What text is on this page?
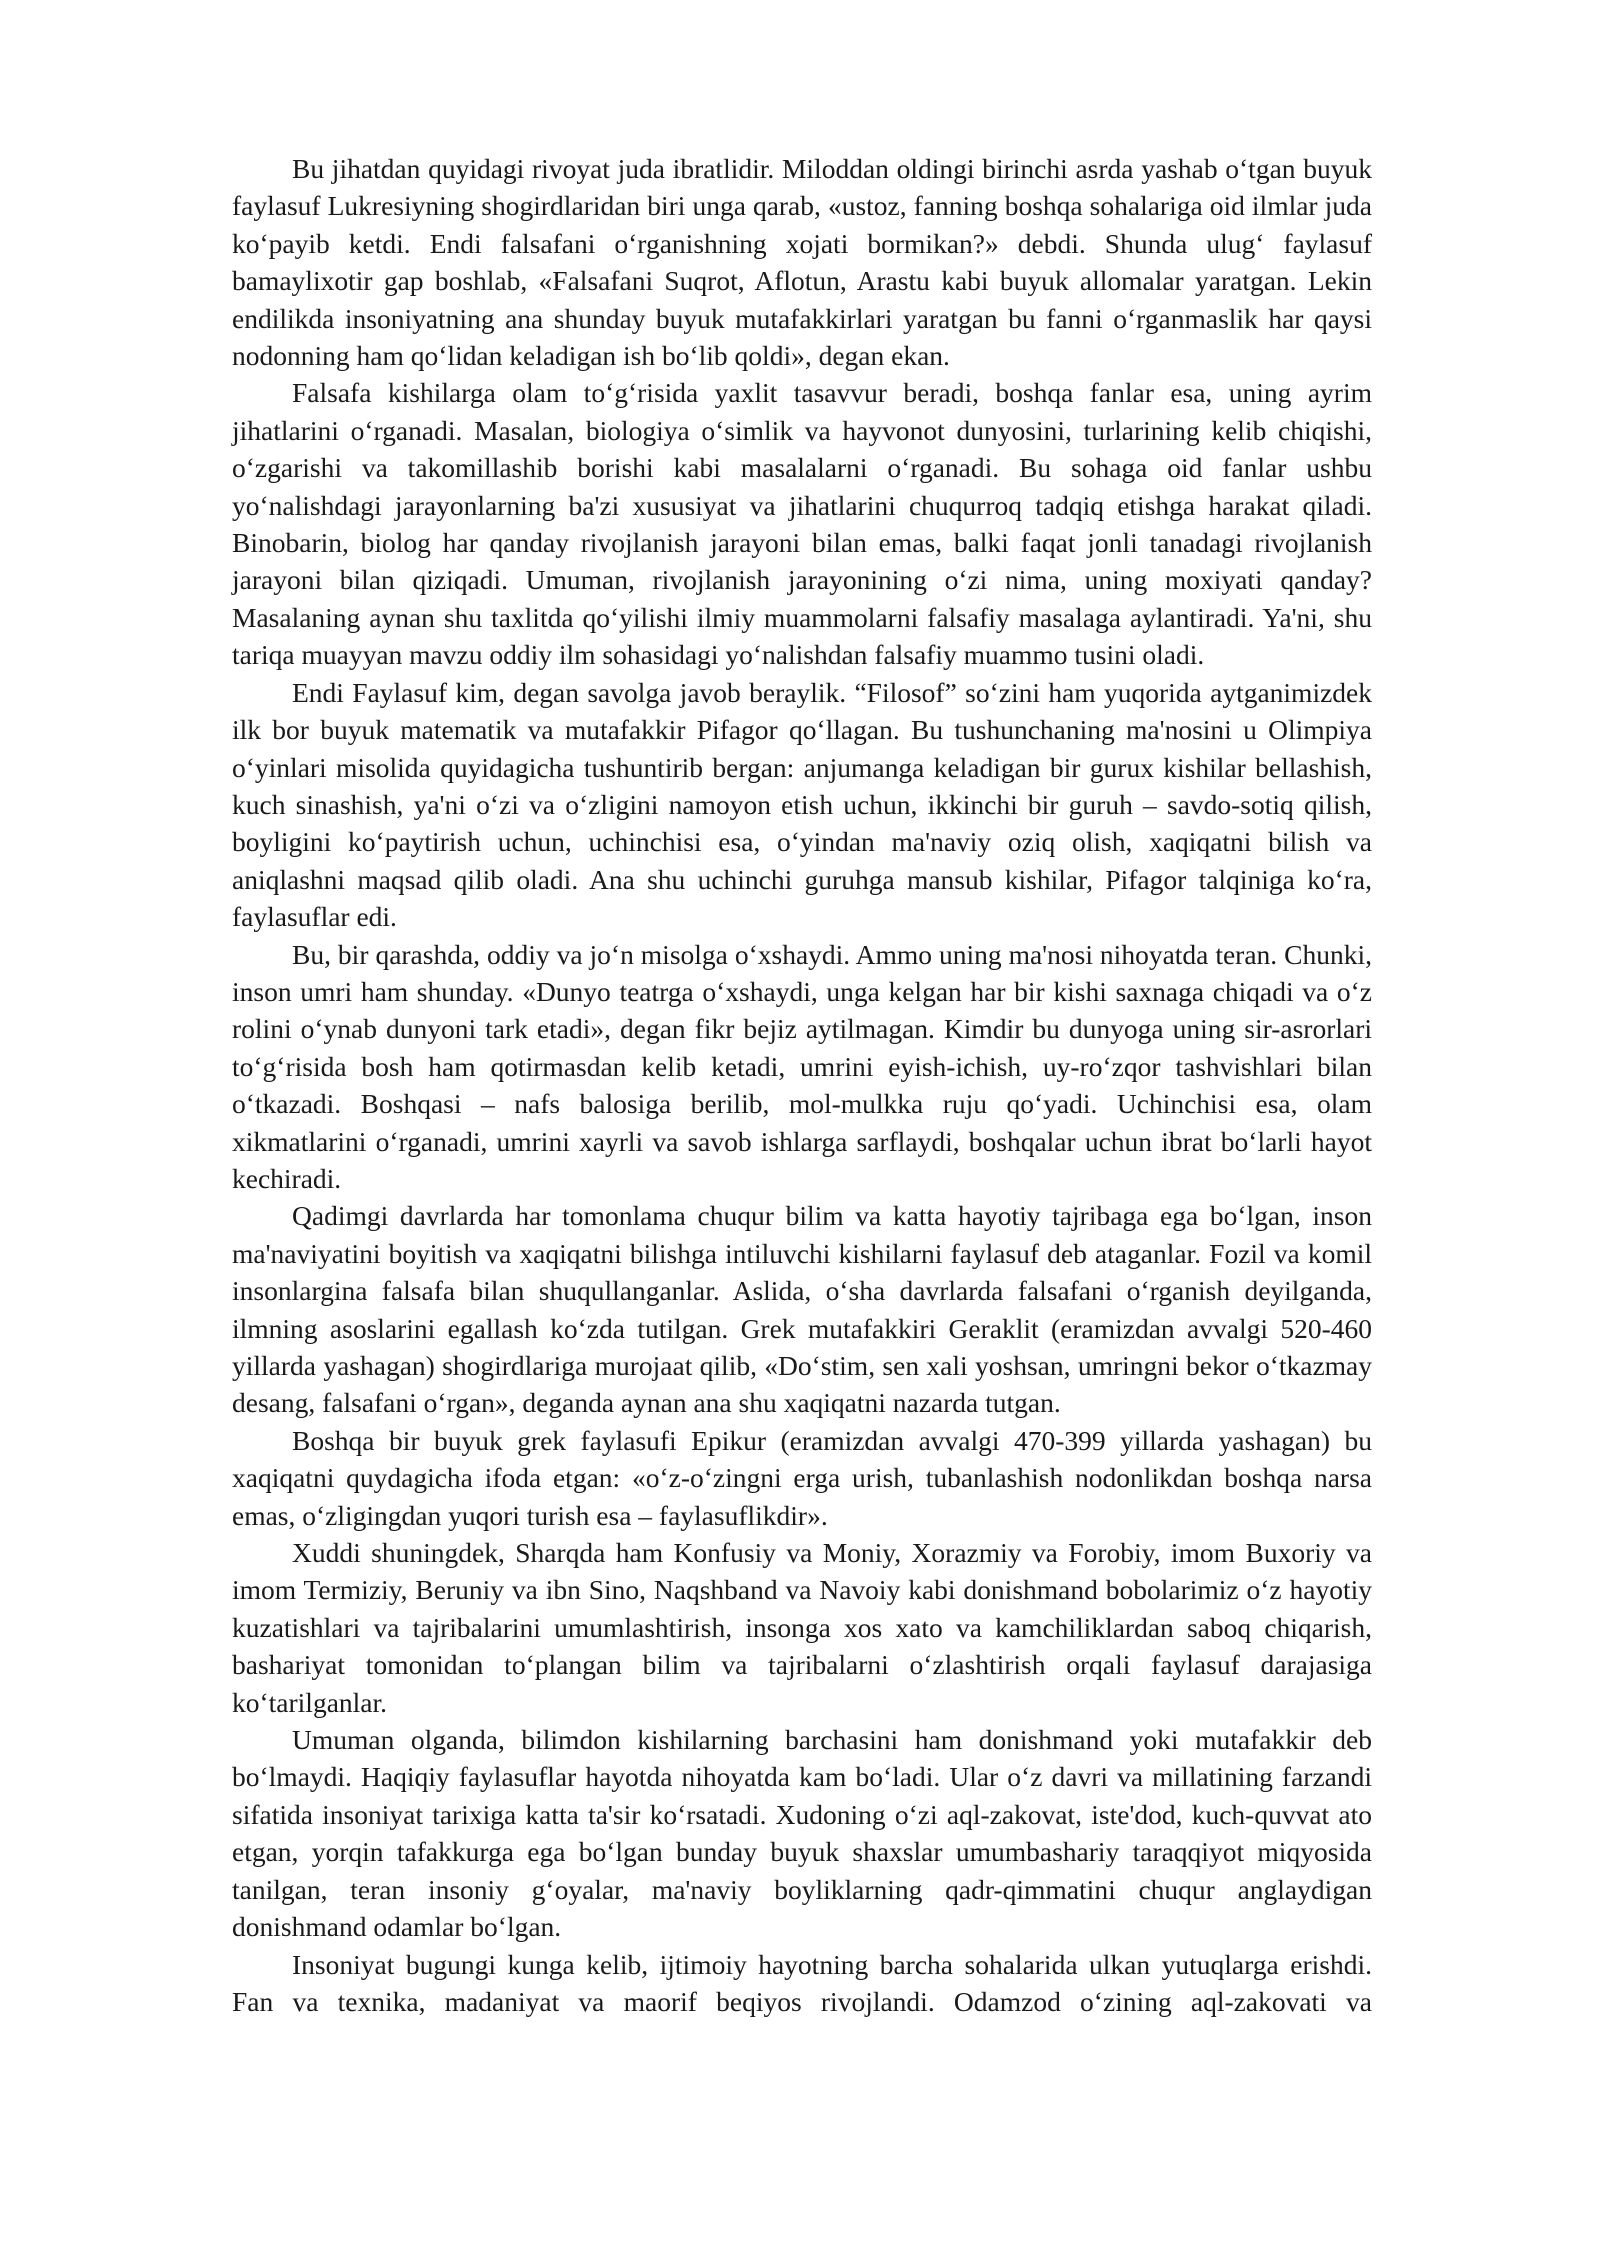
Bu jihatdan quyidagi rivoyat juda ibratlidir. Miloddan oldingi birinchi asrda yashab o‘tgan buyuk faylasuf Lukresiyning shogirdlaridan biri unga qarab, «ustoz, fanning boshqa sohalariga oid ilmlar juda ko‘payib ketdi. Endi falsafani o‘rganishning xojati bormikan?» debdi. Shunda ulug‘ faylasuf bamaylixotir gap boshlab, «Falsafani Suqrot, Aflotun, Arastu kabi buyuk allomalar yaratgan. Lekin endilikda insoniyatning ana shunday buyuk mutafakkirlari yaratgan bu fanni o‘rganmaslik har qaysi nodonning ham qo‘lidan keladigan ish bo‘lib qoldi», degan ekan.

Falsafa kishilarga olam to‘g‘risida yaxlit tasavvur beradi, boshqa fanlar esa, uning ayrim jihatlarini o‘rganadi. Masalan, biologiya o‘simlik va hayvonot dunyosini, turlarining kelib chiqishi, o‘zgarishi va takomillashib borishi kabi masalalarni o‘rganadi. Bu sohaga oid fanlar ushbu yo‘nalishdagi jarayonlarning ba'zi xususiyat va jihatlarini chuqurroq tadqiq etishga harakat qiladi. Binobarin, biolog har qanday rivojlanish jarayoni bilan emas, balki faqat jonli tanadagi rivojlanish jarayoni bilan qiziqadi. Umuman, rivojlanish jarayonining o‘zi nima, uning moxiyati qanday? Masalaning aynan shu taxlitda qo‘yilishi ilmiy muammolarni falsafiy masalaga aylantiradi. Ya'ni, shu tariqa muayyan mavzu oddiy ilm sohasidagi yo‘nalishdan falsafiy muammo tusini oladi.

Endi Faylasuf kim, degan savolga javob beraylik. “Filosof” so‘zini ham yuqorida aytganimizdek ilk bor buyuk matematik va mutafakkir Pifagor qo‘llagan. Bu tushunchaning ma'nosini u Olimpiya o‘yinlari misolida quyidagicha tushuntirib bergan: anjumanga keladigan bir gurux kishilar bellashish, kuch sinashish, ya'ni o‘zi va o‘zligini namoyon etish uchun, ikkinchi bir guruh – savdo-sotiq qilish, boyligini ko‘paytirish uchun, uchinchisi esa, o‘yindan ma'naviy oziq olish, xaqiqatni bilish va aniqlashni maqsad qilib oladi. Ana shu uchinchi guruhga mansub kishilar, Pifagor talqiniga ko‘ra, faylasuflar edi.

Bu, bir qarashda, oddiy va jo‘n misolga o‘xshaydi. Ammo uning ma'nosi nihoyatda teran. Chunki, inson umri ham shunday. «Dunyo teatrga o‘xshaydi, unga kelgan har bir kishi saxnaga chiqadi va o‘z rolini o‘ynab dunyoni tark etadi», degan fikr bejiz aytilmagan. Kimdir bu dunyoga uning sir-asrorlari to‘g‘risida bosh ham qotirmasdan kelib ketadi, umrini eyish-ichish, uy-ro‘zqor tashvishlari bilan o‘tkazadi. Boshqasi – nafs balosiga berilib, mol-mulkka ruju qo‘yadi. Uchinchisi esa, olam xikmatlarini o‘rganadi, umrini xayrli va savob ishlarga sarflaydi, boshqalar uchun ibrat bo‘larli hayot kechiradi.

Qadimgi davrlarda har tomonlama chuqur bilim va katta hayotiy tajribaga ega bo‘lgan, inson ma'naviyatini boyitish va xaqiqatni bilishga intiluvchi kishilarni faylasuf deb ataganlar. Fozil va komil insonlargina falsafa bilan shuqullanganlar. Aslida, o‘sha davrlarda falsafani o‘rganish deyilganda, ilmning asoslarini egallash ko‘zda tutilgan. Grek mutafakkiri Geraklit (eramizdan avvalgi 520-460 yillarda yashagan) shogirdlariga murojaat qilib, «Do‘stim, sen xali yoshsan, umringni bekor o‘tkazmay desang, falsafani o‘rgan», deganda aynan ana shu xaqiqatni nazarda tutgan.

Boshqa bir buyuk grek faylasufi Epikur (eramizdan avvalgi 470-399 yillarda yashagan) bu xaqiqatni quydagicha ifoda etgan: «o‘z-o‘zingni erga urish, tubanlashish nodonlikdan boshqa narsa emas, o‘zligingdan yuqori turish esa – faylasuflikdir».

Xuddi shuningdek, Sharqda ham Konfusiy va Moniy, Xorazmiy va Forobiy, imom Buxoriy va imom Termiziy, Beruniy va ibn Sino, Naqshband va Navoiy kabi donishmand bobolarimiz o‘z hayotiy kuzatishlari va tajribalarini umumlashtirish, insonga xos xato va kamchiliklardan saboq chiqarish, bashariyat tomonidan to‘plangan bilim va tajribalarni o‘zlashtirish orqali faylasuf darajasiga ko‘tarilganlar.

Umuman olganda, bilimdon kishilarning barchasini ham donishmand yoki mutafakkir deb bo‘lmaydi. Haqiqiy faylasuflar hayotda nihoyatda kam bo‘ladi. Ular o‘z davri va millatining farzandi sifatida insoniyat tarixiga katta ta'sir ko‘rsatadi. Xudoning o‘zi aql-zakovat, iste'dod, kuch-quvvat ato etgan, yorqin tafakkurga ega bo‘lgan bunday buyuk shaxslar umumbashariy taraqqiyot miqyosida tanilgan, teran insoniy g‘oyalar, ma'naviy boyliklarning qadr-qimmatini chuqur anglaydigan donishmand odamlar bo‘lgan.

Insoniyat bugungi kunga kelib, ijtimoiy hayotning barcha sohalarida ulkan yutuqlarga erishdi. Fan va texnika, madaniyat va maorif beqiyos rivojlandi. Odamzod o‘zining aql-zakovati va
